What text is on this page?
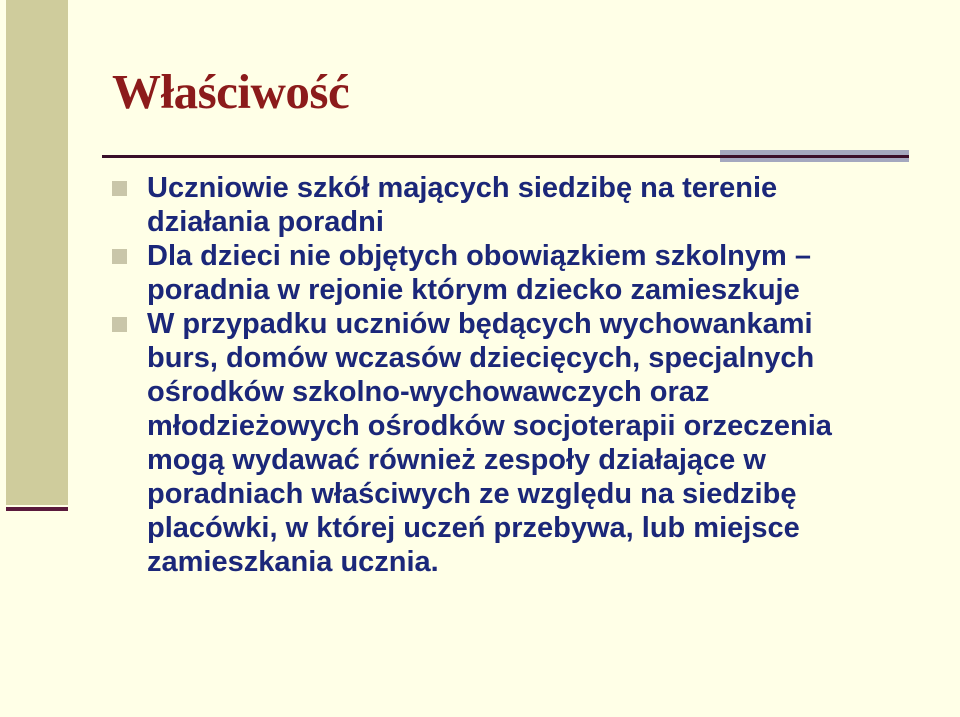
Właściwość
Uczniowie szkół mających siedzibę na terenie
działania poradni
Dla dzieci nie objętych obowiązkiem szkolnym –
poradnia w rejonie którym dziecko zamieszkuje
W przypadku uczniów będących wychowankami
burs, domów wczasów dziecięcych, specjalnych
ośrodków szkolno-wychowawczych oraz
młodzieżowych ośrodków socjoterapii orzeczenia
mogą wydawać również zespoły działające w
poradniach właściwych ze względu na siedzibę
placówki, w której uczeń przebywa, lub miejsce
zamieszkania ucznia.
